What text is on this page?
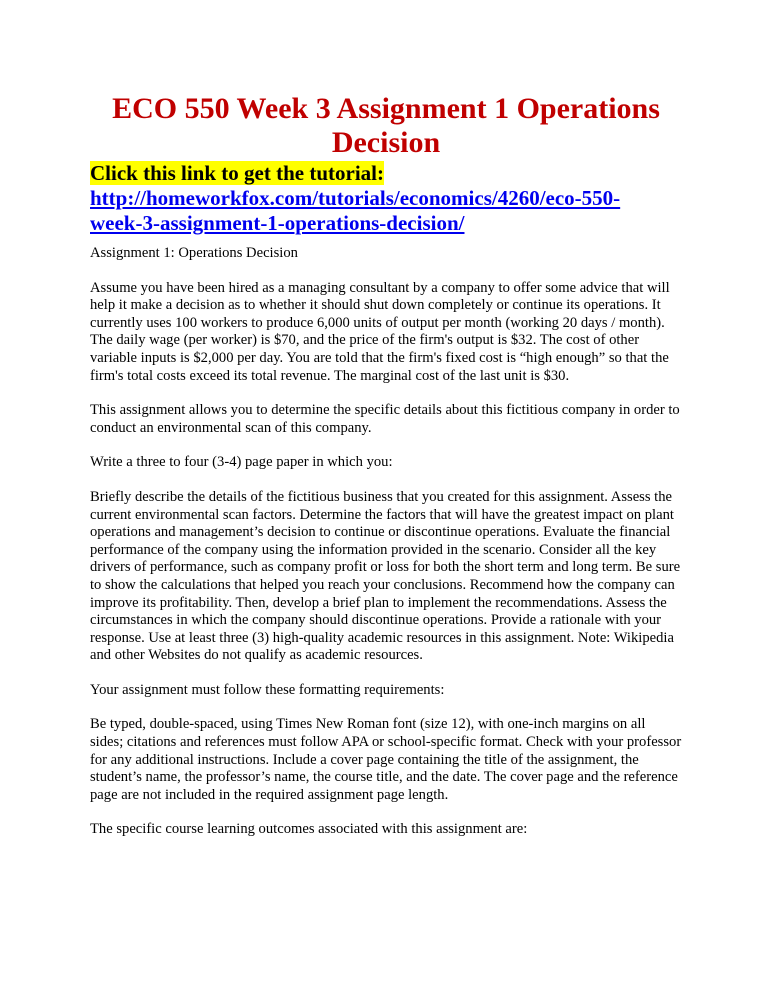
ECO 550 Week 3 Assignment 1 Operations Decision
Click this link to get the tutorial:
http://homeworkfox.com/tutorials/economics/4260/eco-550-
week-3-assignment-1-operations-decision/

Assignment 1: Operations Decision

Assume you have been hired as a managing consultant by a company to offer some advice that will help it make a decision as to whether it should shut down completely or continue its operations. It currently uses 100 workers to produce 6,000 units of output per month (working 20 days / month). The daily wage (per worker) is $70, and the price of the firm's output is $32. The cost of other variable inputs is $2,000 per day. You are told that the firm's fixed cost is “high enough” so that the firm's total costs exceed its total revenue. The marginal cost of the last unit is $30.

This assignment allows you to determine the specific details about this fictitious company in order to conduct an environmental scan of this company.

Write a three to four (3-4) page paper in which you:

Briefly describe the details of the fictitious business that you created for this assignment. Assess the current environmental scan factors. Determine the factors that will have the greatest impact on plant operations and management’s decision to continue or discontinue operations. Evaluate the financial performance of the company using the information provided in the scenario. Consider all the key drivers of performance, such as company profit or loss for both the short term and long term. Be sure to show the calculations that helped you reach your conclusions. Recommend how the company can improve its profitability. Then, develop a brief plan to implement the recommendations. Assess the circumstances in which the company should discontinue operations. Provide a rationale with your response. Use at least three (3) high-quality academic resources in this assignment. Note: Wikipedia and other Websites do not qualify as academic resources.

Your assignment must follow these formatting requirements:

Be typed, double-spaced, using Times New Roman font (size 12), with one-inch margins on all sides; citations and references must follow APA or school-specific format. Check with your professor for any additional instructions. Include a cover page containing the title of the assignment, the student’s name, the professor’s name, the course title, and the date. The cover page and the reference page are not included in the required assignment page length.

The specific course learning outcomes associated with this assignment are:
